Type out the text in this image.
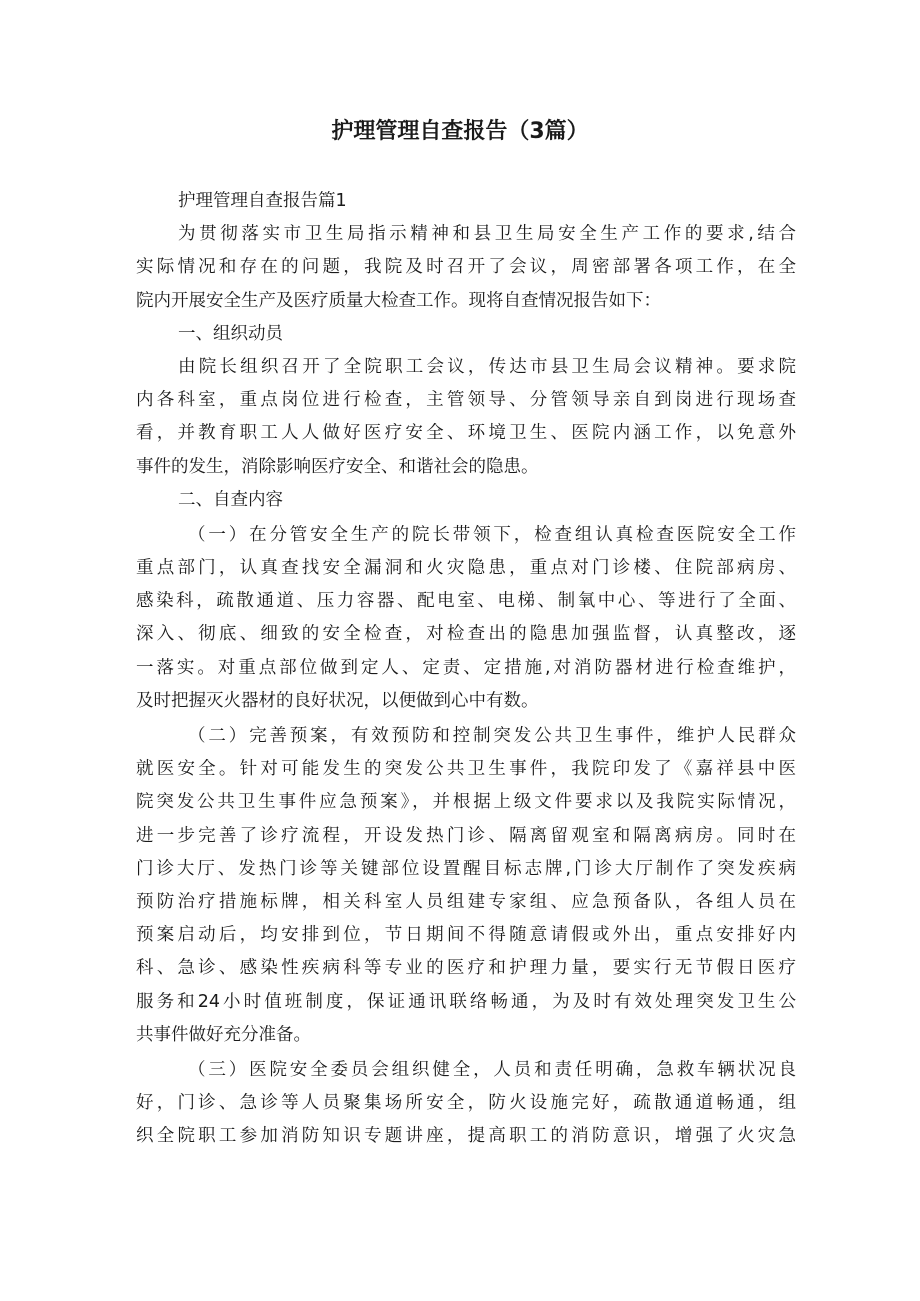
护理管理自查报告（3篇）
护理管理自查报告篇1
为贯彻落实市卫生局指示精神和县卫生局安全生产工作的要求,结合
实际情况和存在的问题，我院及时召开了会议，周密部署各项工作，在全
院内开展安全生产及医疗质量大检查工作。现将自查情况报告如下：
一、组织动员
由院长组织召开了全院职工会议，传达市县卫生局会议精神。要求院
内各科室，重点岗位进行检查，主管领导、分管领导亲自到岗进行现场查
看，并教育职工人人做好医疗安全、环境卫生、医院内涵工作，以免意外
事件的发生，消除影响医疗安全、和谐社会的隐患。
二、自查内容
（一）在分管安全生产的院长带领下，检查组认真检查医院安全工作
重点部门，认真查找安全漏洞和火灾隐患，重点对门诊楼、住院部病房、
感染科，疏散通道、压力容器、配电室、电梯、制氧中心、等进行了全面、
深入、彻底、细致的安全检查，对检查出的隐患加强监督，认真整改，逐
一落实。对重点部位做到定人、定责、定措施,对消防器材进行检查维护，
及时把握灭火器材的良好状况，以便做到心中有数。
（二）完善预案，有效预防和控制突发公共卫生事件，维护人民群众
就医安全。针对可能发生的突发公共卫生事件，我院印发了《嘉祥县中医
院突发公共卫生事件应急预案》，并根据上级文件要求以及我院实际情况，
进一步完善了诊疗流程，开设发热门诊、隔离留观室和隔离病房。同时在
门诊大厅、发热门诊等关键部位设置醒目标志牌,门诊大厅制作了突发疾病
预防治疗措施标牌，相关科室人员组建专家组、应急预备队，各组人员在
预案启动后，均安排到位，节日期间不得随意请假或外出，重点安排好内
科、急诊、感染性疾病科等专业的医疗和护理力量，要实行无节假日医疗
服务和24小时值班制度，保证通讯联络畅通，为及时有效处理突发卫生公
共事件做好充分准备。
（三）医院安全委员会组织健全，人员和责任明确，急救车辆状况良
好，门诊、急诊等人员聚集场所安全，防火设施完好，疏散通道畅通，组
织全院职工参加消防知识专题讲座，提高职工的消防意识，增强了火灾急
